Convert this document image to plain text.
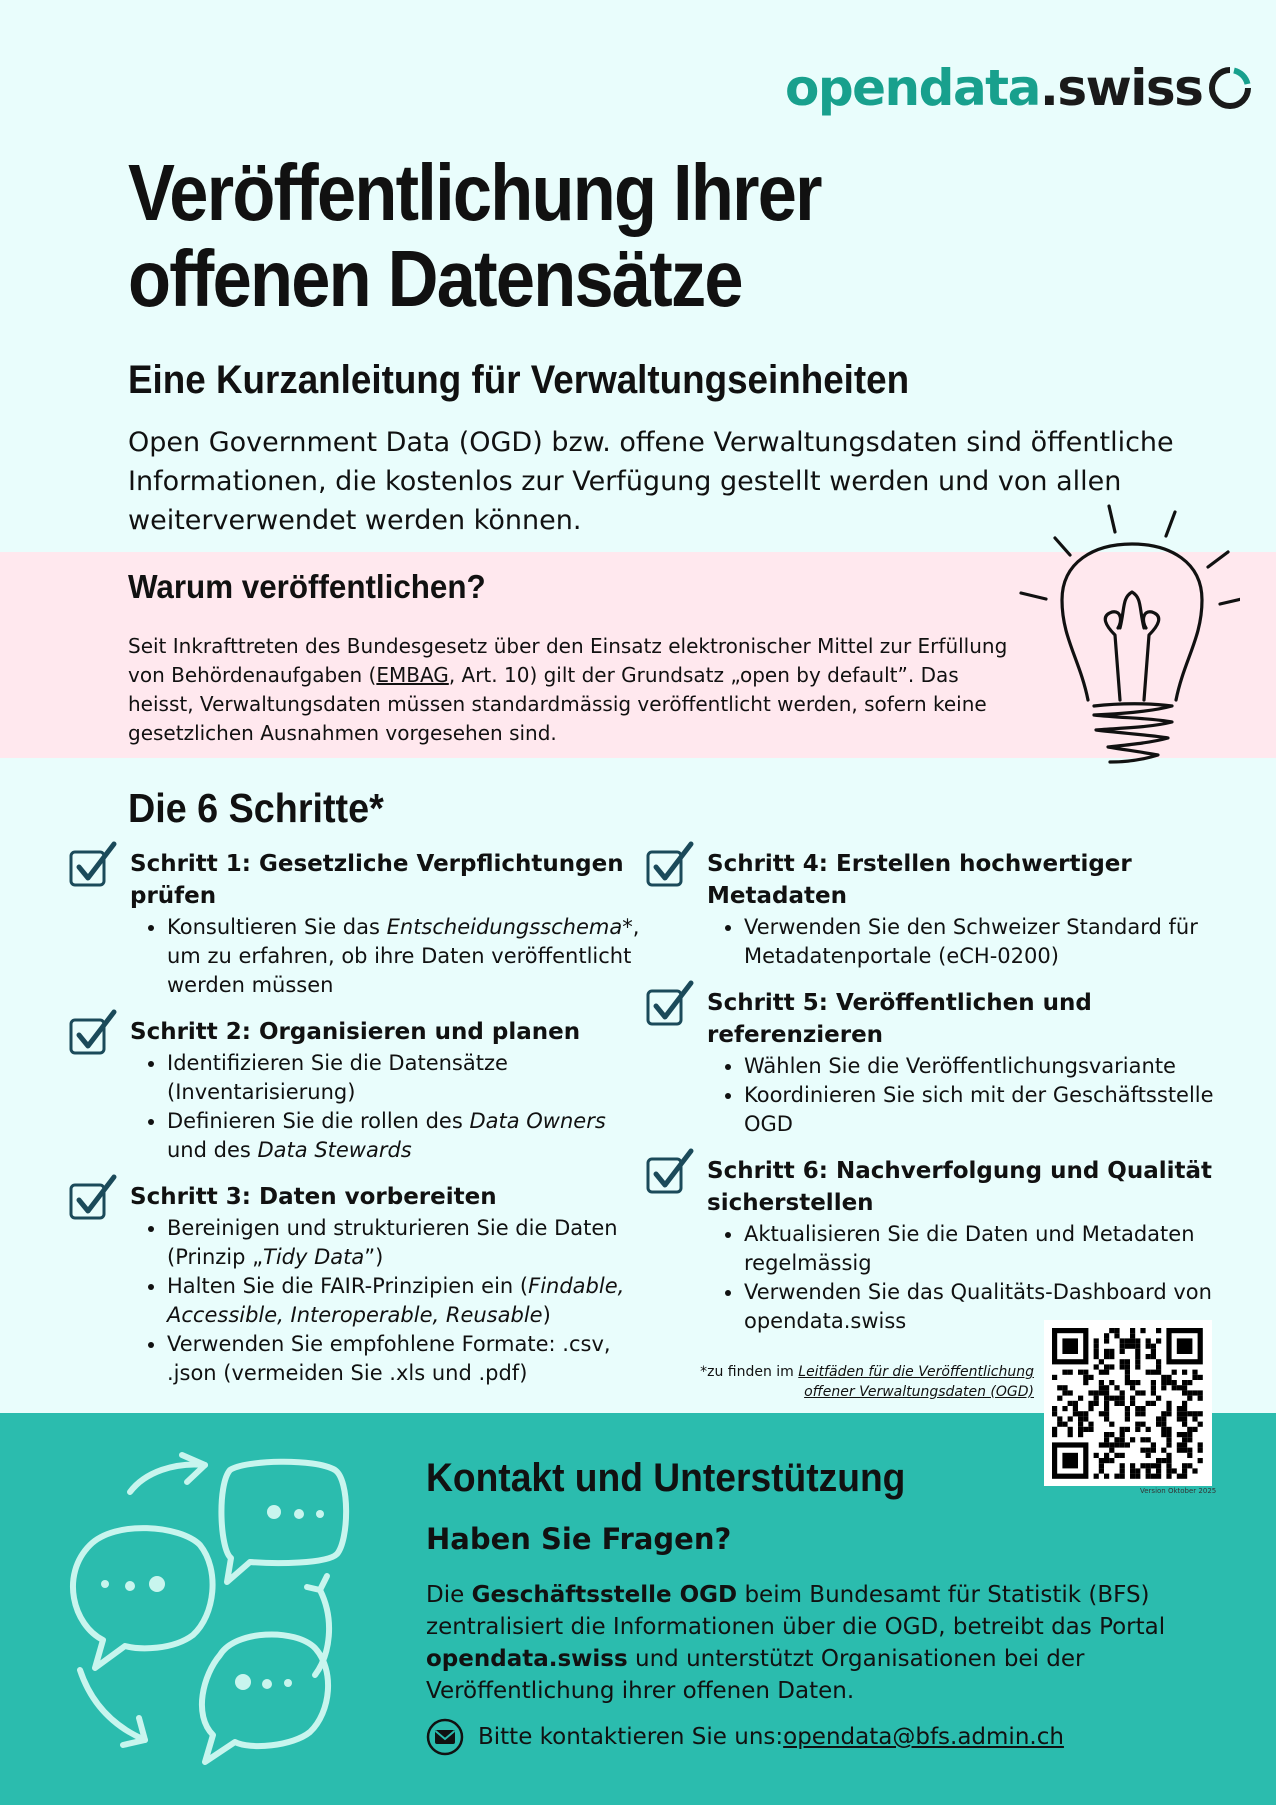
opendata .swiss
Veröffentlichung Ihrer
offenen Datensätze
Eine Kurzanleitung für Verwaltungseinheiten
Open Government Data (OGD) bzw. offene Verwaltungsdaten sind öffentliche Informationen, die kostenlos zur Verfügung gestellt werden und von allen weiterverwendet werden können.
Warum veröffentlichen?
Seit Inkrafttreten des Bundesgesetz über den Einsatz elektronischer Mittel zur Erfüllung von Behördenaufgaben (EMBAG, Art. 10) gilt der Grundsatz „open by default”. Das heisst, Verwaltungsdaten müssen standardmässig veröffentlicht werden, sofern keine gesetzlichen Ausnahmen vorgesehen sind.
Die 6 Schritte*

Schritt 1: Gesetzliche Verpflichtungen prüfen

• Konsultieren Sie das Entscheidungsschema*, um zu erfahren, ob ihre Daten veröffentlicht werden müssen

Schritt 2: Organisieren und planen

• Identifizieren Sie die Datensätze (Inventarisierung)
• Definieren Sie die rollen des Data Owners und des Data Stewards

Schritt 3: Daten vorbereiten

• Bereinigen und strukturieren Sie die Daten (Prinzip „Tidy Data”)
• Halten Sie die FAIR-Prinzipien ein (Findable, Accessible, Interoperable, Reusable)
• Verwenden Sie empfohlene Formate: .csv, .json (vermeiden Sie .xls und .pdf)

Schritt 4: Erstellen hochwertiger Metadaten

• Verwenden Sie den Schweizer Standard für Metadatenportale (eCH-0200)

Schritt 5: Veröffentlichen und referenzieren

• Wählen Sie die Veröffentlichungsvariante
• Koordinieren Sie sich mit der Geschäftsstelle OGD

Schritt 6: Nachverfolgung und Qualität sicherstellen

• Aktualisieren Sie die Daten und Metadaten regelmässig
• Verwenden Sie das Qualitäts-Dashboard von opendata.swiss
*zu finden im Leitfäden für die Veröffentlichung
offener Verwaltungsdaten (OGD)
Version Oktober 2025
Kontakt und Unterstützung
Haben Sie Fragen?
Die Geschäftsstelle OGD beim Bundesamt für Statistik (BFS) zentralisiert die Informationen über die OGD, betreibt das Portal opendata.swiss und unterstützt Organisationen bei der Veröffentlichung ihrer offenen Daten.
Bitte kontaktieren Sie uns: opendata@bfs.admin.ch
